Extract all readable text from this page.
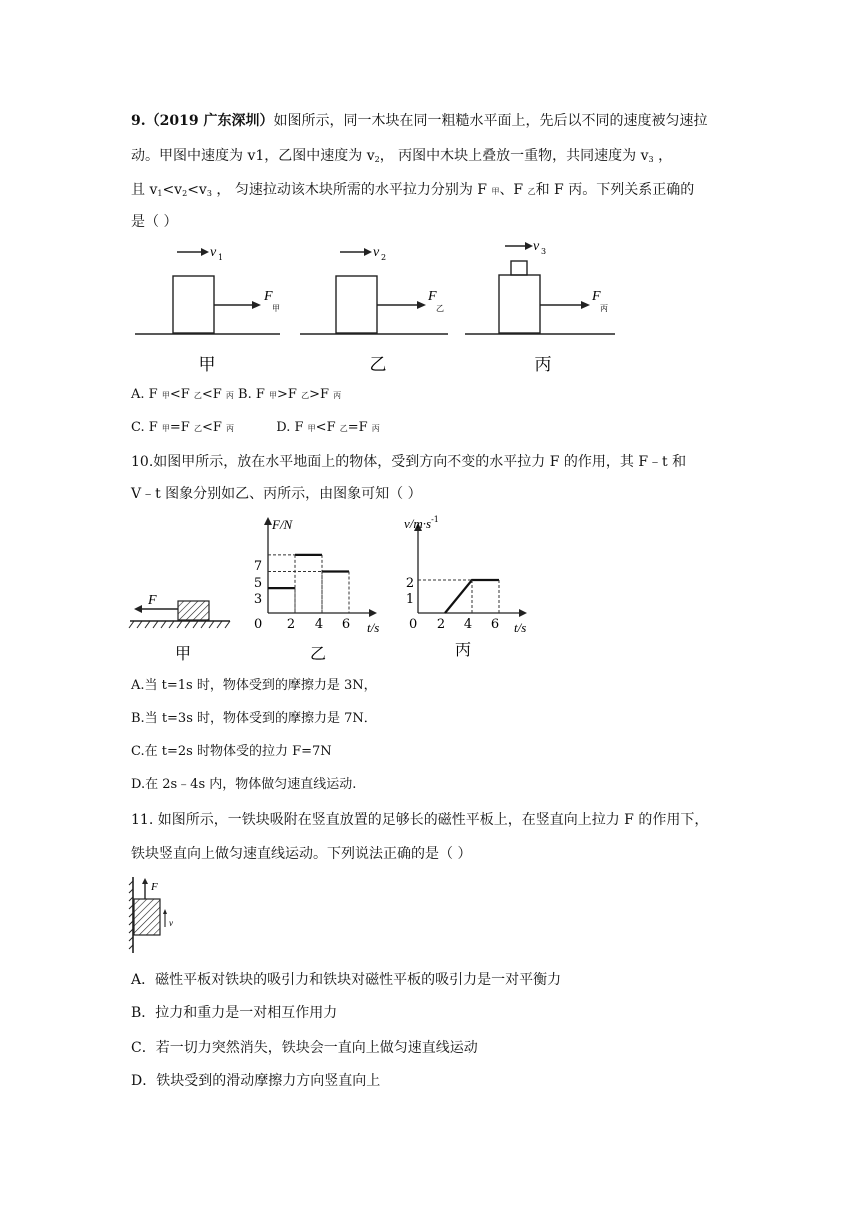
9.（2019 广东深圳）如图所示，同一木块在同一粗糙水平面上，先后以不同的速度被匀速拉
动。甲图中速度为 v1，乙图中速度为 $v_2$， 丙图中木块上叠放一重物，共同速度为 $v_3$ ，
且 $v_1<v_2<v_3$ ， 匀速拉动该木块所需的水平拉力分别为 F 甲、F 乙和 F 丙。下列关系正确的
是（ ）
v 1
F
甲
甲
v 2
F
乙
乙
v 3
F
丙
丙
A. F 甲<F 乙<F 丙 B. F 甲>F 乙>F 丙
C. F 甲=F 乙<F 丙	D. F 甲<F 乙=F 丙
10.如图甲所示，放在水平地面上的物体，受到方向不变的水平拉力 F 的作用，其 F﹣t 和
V﹣t 图象分别如乙、丙所示，由图象可知（ ）
F
甲
F/N
t/s
0 2 4 6
7
5
3
乙
$v/m\cdot s^{-1}$
t/s
0 2 4 6
2
1
丙
A.当 t=1s 时，物体受到的摩擦力是 3N，
B.当 t=3s 时，物体受到的摩擦力是 7N．
C.在 t=2s 时物体受的拉力 F=7N
D.在 2s﹣4s 内，物体做匀速直线运动.
11. 如图所示，一铁块吸附在竖直放置的足够长的磁性平板上，在竖直向上拉力 F 的作用下，
铁块竖直向上做匀速直线运动。下列说法正确的是（ ）
F
v
A．磁性平板对铁块的吸引力和铁块对磁性平板的吸引力是一对平衡力
B．拉力和重力是一对相互作用力
C．若一切力突然消失，铁块会一直向上做匀速直线运动
D．铁块受到的滑动摩擦力方向竖直向上
